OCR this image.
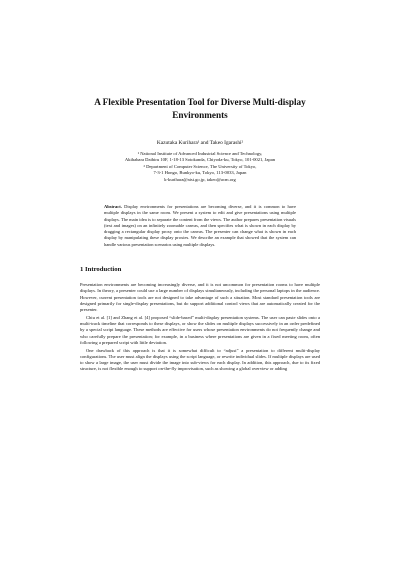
A Flexible Presentation Tool for Diverse Multi-display
Environments
Kazutaka Kurihara¹ and Takeo Igarashi²
¹ National Institute of Advanced Industrial Science and Technology,
Akihabara Daibiru 10F, 1-18-13 Sotokanda, Chiyoda-ku, Tokyo, 101-0021, Japan
² Department of Computer Science, The University of Tokyo,
7-3-1 Hongo, Bunkyo-ku, Tokyo, 113-0033, Japan
k-kurihara@aist.go.jp, takeo@acm.org
Abstract. Display environments for presentations are becoming diverse, and it is common to have multiple displays in the same room. We present a system to edit and give presentations using multiple displays. The main idea is to separate the content from the views. The author prepares presentation visuals (text and images) on an infinitely zoomable canvas, and then specifies what is shown in each display by dragging a rectangular display proxy onto the canvas. The presenter can change what is shown in each display by manipulating these display proxies. We describe an example that showed that the system can handle various presentation scenarios using multiple displays.
1 Introduction

Presentation environments are becoming increasingly diverse, and it is not uncommon for presentation rooms to have multiple displays. In theory, a presenter could use a large number of displays simultaneously, including the personal laptops in the audience. However, current presentation tools are not designed to take advantage of such a situation. Most standard presentation tools are designed primarily for single-display presentations, but do support additional control views that are automatically created for the presenter.

Chiu et al. [1] and Zhang et al. [4] proposed “slide-based” multi-display presentation systems. The user can paste slides onto a multi-track timeline that corresponds to these displays, or show the slides on multiple displays successively in an order predefined by a special script language. These methods are effective for users whose presentation environments do not frequently change and who carefully prepare the presentation; for example, in a business where presentations are given in a fixed meeting room, often following a prepared script with little deviation.

One drawback of this approach is that it is somewhat difficult to “adjust” a presentation to different multi-display configurations. The user must align the displays using the script language, or rewrite individual slides. If multiple displays are used to show a large image, the user must divide the image into sub-views for each display. In addition, this approach, due to its fixed structure, is not flexible enough to support on-the-fly improvisation, such as showing a global overview or adding
